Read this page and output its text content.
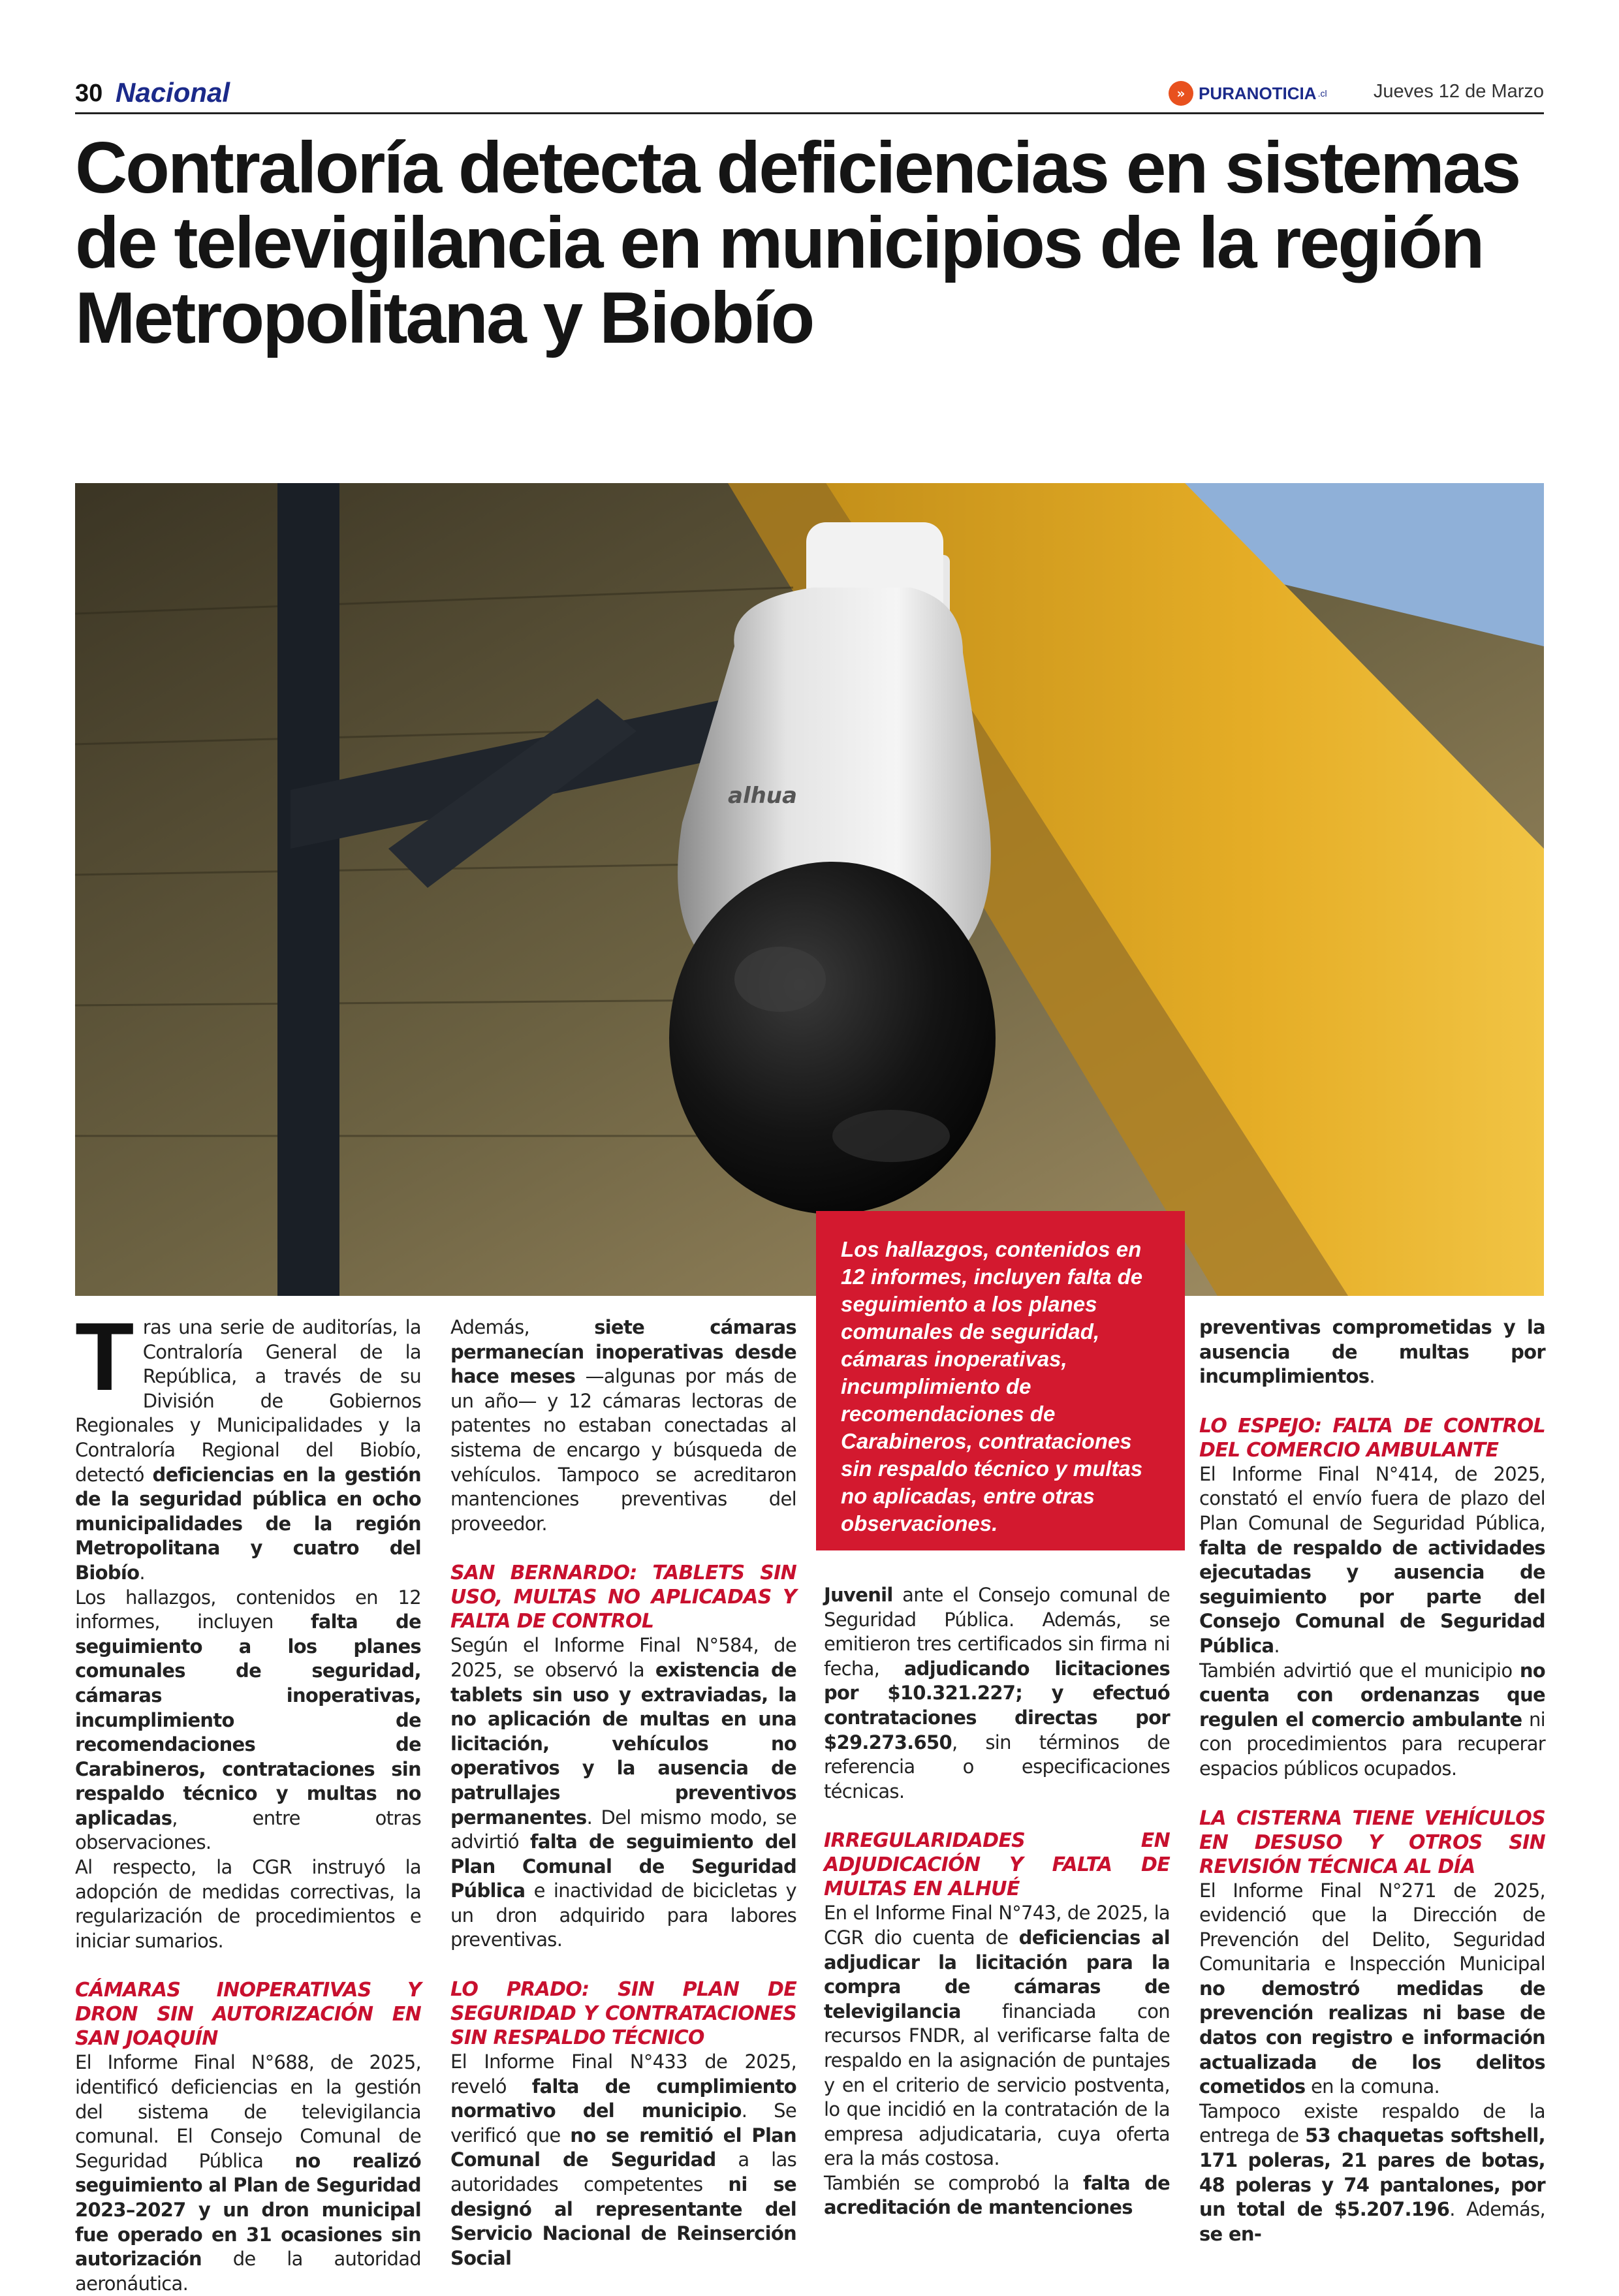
30 Nacional	» PURANOTICIA .cl Jueves 12 de Marzo
Contraloría detecta deficiencias en sistemas de televigilancia en municipios de la región Metropolitana y Biobío
alhua
Los hallazgos, contenidos en 12 informes, incluyen falta de seguimiento a los planes comunales de seguridad, cámaras inoperativas, incumplimiento de recomendaciones de Carabineros, contrataciones sin respaldo técnico y multas no aplicadas, entre otras observaciones.

Tras una serie de auditorías, la Contraloría General de la República, a través de su División de Gobiernos Regionales y Municipalidades y la Contraloría Regional del Biobío, detectó deficiencias en la gestión de la seguridad pública en ocho municipalidades de la región Metropolitana y cuatro del Biobío.

Los hallazgos, contenidos en 12 informes, incluyen falta de seguimiento a los planes comunales de seguridad, cámaras inoperativas, incumplimiento de recomendaciones de Carabineros, contrataciones sin respaldo técnico y multas no aplicadas, entre otras observaciones.

Al respecto, la CGR instruyó la adopción de medidas correctivas, la regularización de procedimientos e iniciar sumarios.

CÁMARAS INOPERATIVAS Y DRON SIN AUTORIZACIÓN EN SAN JOAQUÍN

El Informe Final N°688, de 2025, identificó deficiencias en la gestión del sistema de televigilancia comunal. El Consejo Comunal de Seguridad Pública no realizó seguimiento al Plan de Seguridad 2023–2027 y un dron municipal fue operado en 31 ocasiones sin autorización de la autoridad aeronáutica.

Además, siete cámaras permanecían inoperativas desde hace meses —algunas por más de un año— y 12 cámaras lectoras de patentes no estaban conectadas al sistema de encargo y búsqueda de vehículos. Tampoco se acreditaron mantenciones preventivas del proveedor.

SAN BERNARDO: TABLETS SIN USO, MULTAS NO APLICADAS Y FALTA DE CONTROL

Según el Informe Final N°584, de 2025, se observó la existencia de tablets sin uso y extraviadas, la no aplicación de multas en una licitación, vehículos no operativos y la ausencia de patrullajes preventivos permanentes. Del mismo modo, se advirtió falta de seguimiento del Plan Comunal de Seguridad Pública e inactividad de bicicletas y un dron adquirido para labores preventivas.

LO PRADO: SIN PLAN DE SEGURIDAD Y CONTRATACIONES SIN RESPALDO TÉCNICO

El Informe Final N°433 de 2025, reveló falta de cumplimiento normativo del municipio. Se verificó que no se remitió el Plan Comunal de Seguridad a las autoridades competentes ni se designó al representante del Servicio Nacional de Reinserción Social

Juvenil ante el Consejo comunal de Seguridad Pública. Además, se emitieron tres certificados sin firma ni fecha, adjudicando licitaciones por $10.321.227; y efectuó contrataciones directas por $29.273.650, sin términos de referencia o especificaciones técnicas.

IRREGULARIDADES EN ADJUDICACIÓN Y FALTA DE MULTAS EN ALHUÉ

En el Informe Final N°743, de 2025, la CGR dio cuenta de deficiencias al adjudicar la licitación para la compra de cámaras de televigilancia financiada con recursos FNDR, al verificarse falta de respaldo en la asignación de puntajes y en el criterio de servicio postventa, lo que incidió en la contratación de la empresa adjudicataria, cuya oferta era la más costosa.

También se comprobó la falta de acreditación de mantenciones

preventivas comprometidas y la ausencia de multas por incumplimientos.

LO ESPEJO: FALTA DE CONTROL DEL COMERCIO AMBULANTE

El Informe Final N°414, de 2025, constató el envío fuera de plazo del Plan Comunal de Seguridad Pública, falta de respaldo de actividades ejecutadas y ausencia de seguimiento por parte del Consejo Comunal de Seguridad Pública.

También advirtió que el municipio no cuenta con ordenanzas que regulen el comercio ambulante ni con procedimientos para recuperar espacios públicos ocupados.

LA CISTERNA TIENE VEHÍCULOS EN DESUSO Y OTROS SIN REVISIÓN TÉCNICA AL DÍA

El Informe Final N°271 de 2025, evidenció que la Dirección de Prevención del Delito, Seguridad Comunitaria e Inspección Municipal no demostró medidas de prevención realizas ni base de datos con registro e información actualizada de los delitos cometidos en la comuna.

Tampoco existe respaldo de la entrega de 53 chaquetas softshell, 171 poleras, 21 pares de botas, 48 poleras y 74 pantalones, por un total de $5.207.196. Además, se en-
